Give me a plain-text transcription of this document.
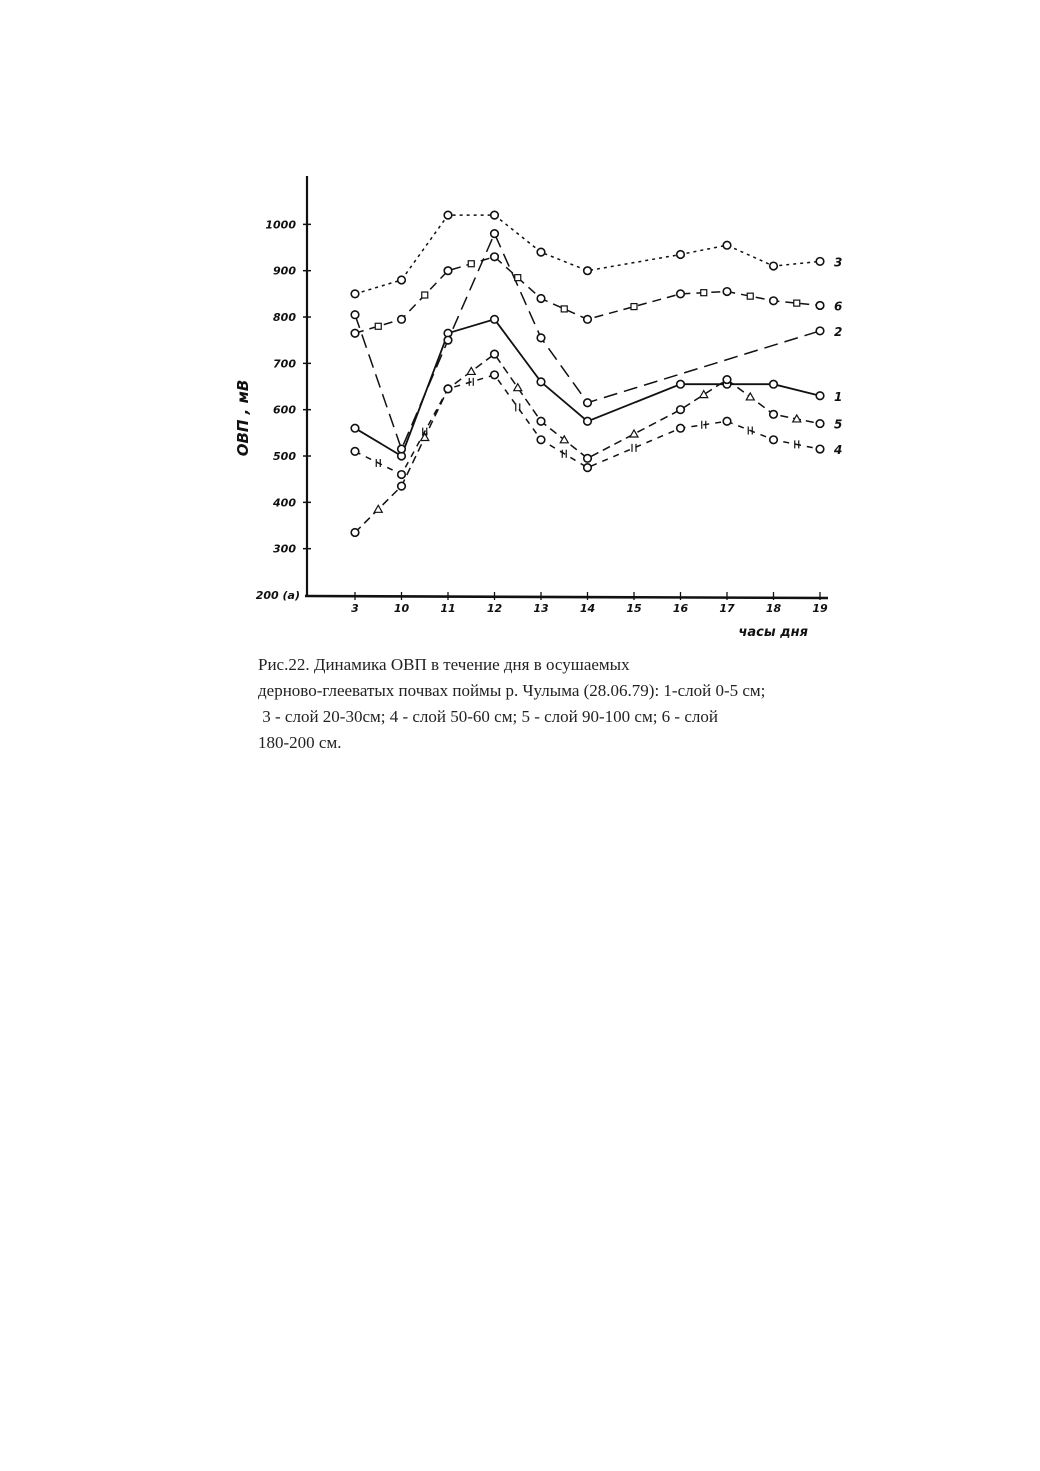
300
400
500
600
700
800
900
1000
200 (а)
3	10	11	12	13	14	15	16	17	18	19
ОВП , мВ
часы дня
1
2
3
6
5
4
Рис.22. Динамика ОВП в течение дня в осушаемых
дерново-глееватых почвах поймы р. Чулыма (28.06.79): 1-слой 0-5 см;
3 - слой 20-30см; 4 - слой 50-60 см; 5 - слой 90-100 см; 6 - слой
180-200 см.
